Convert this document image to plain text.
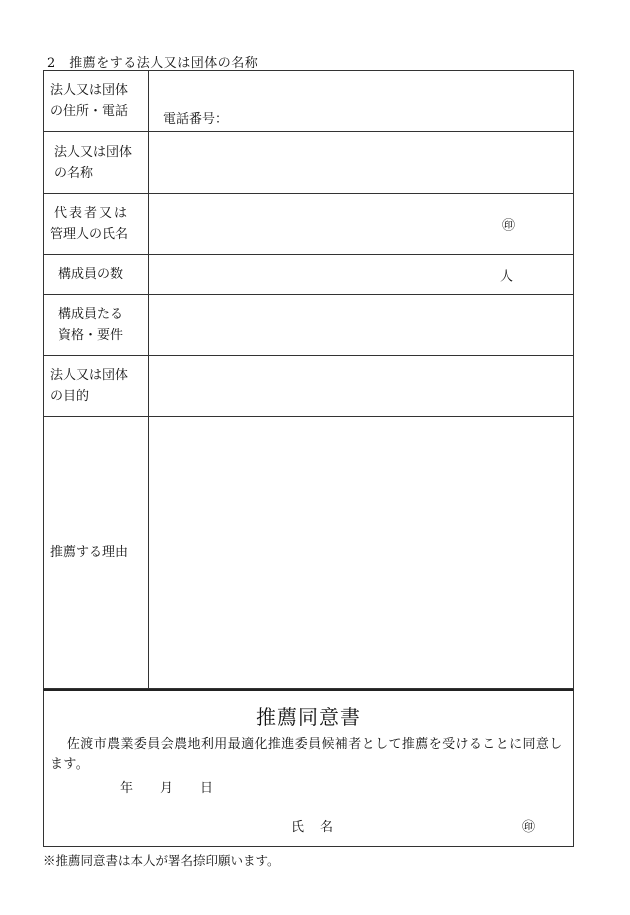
2　推薦をする法人又は団体の名称
法人又は団体
の住所・電話	電話番号：

法人又は団体
の名称	

代表者又は
管理人の氏名	㊞

構成員の数	人

構成員たる
資格・要件	

法人又は団体
の目的	

推薦する理由	

推薦同意書
佐渡市農業委員会農地利用最適化推進委員候補者として推薦を受けることに同意します。
年 月 日
氏 名	㊞
※推薦同意書は本人が署名捺印願います。
